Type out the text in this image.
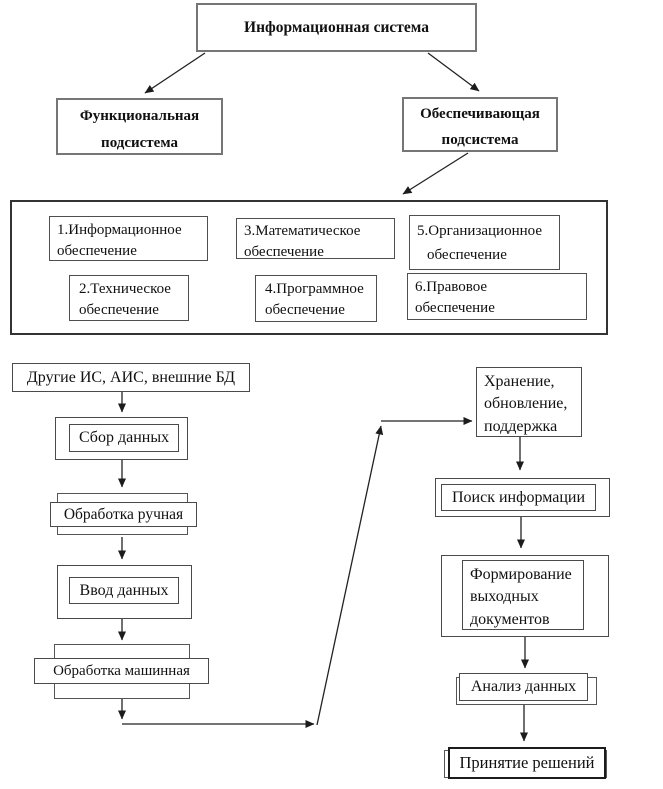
Информационная система
Функциональная
подсистема
Обеспечивающая
подсистема
1.Информационное
обеспечение
3.Математическое
обеспечение
5.Организационное
обеспечение
2.Техническое
обеспечение
4.Программное
обеспечение
6.Правовое
обеспечение
Другие ИС, АИС, внешние БД
Сбор данных
Обработка ручная
Ввод данных
Обработка машинная
Хранение,
обновление,
поддержка
Поиск информации
Формирование
выходных
документов
Анализ данных
Принятие решений
